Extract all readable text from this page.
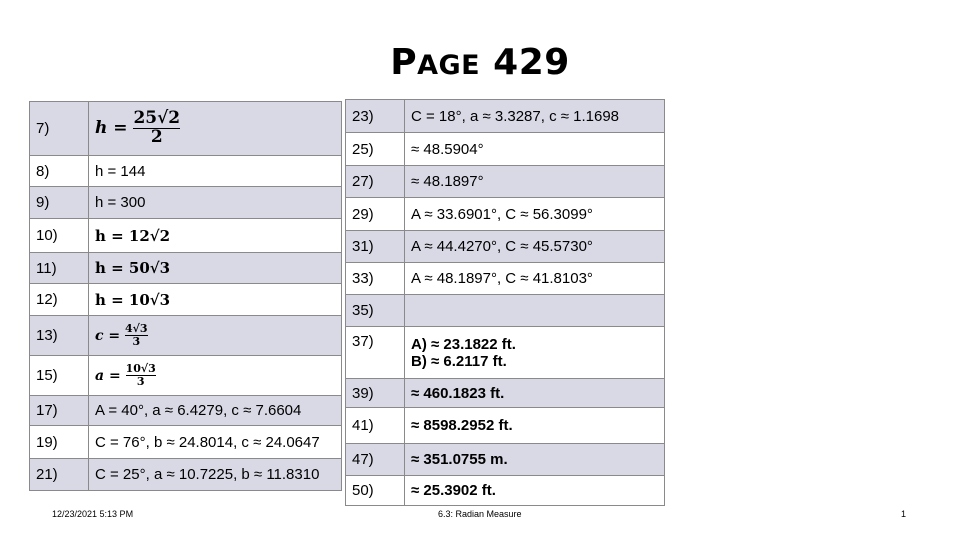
PAGE 429
7)	$h = \frac{25√2}{2}$

8)	h = 144
9)	h = 300
10)	h = 12√2
11)	h = 50√3
12)	h = 10√3
13)	$c = \frac{4√3}{3}$

15)	$a = \frac{10√3}{3}$

17)	A = 40°, a ≈ 6.4279, c ≈ 7.6604
19)	C = 76°, b ≈ 24.8014, c ≈ 24.0647
21)	C = 25°, a ≈ 10.7225, b ≈ 11.8310
23)	C = 18°, a ≈ 3.3287, c ≈ 1.1698
25)	≈ 48.5904°
27)	≈ 48.1897°
29)	A ≈ 33.6901°, C ≈ 56.3099°
31)	A ≈ 44.4270°, C ≈ 45.5730°
33)	A ≈ 48.1897°, C ≈ 41.8103°
35)	
37)	A) ≈ 23.1822 ft.
B) ≈ 6.2117 ft.

39)	≈ 460.1823 ft.
41)	≈ 8598.2952 ft.
47)	≈ 351.0755 m.
50)	≈ 25.3902 ft.
12/23/2021 5:13 PM	6.3: Radian Measure	1
